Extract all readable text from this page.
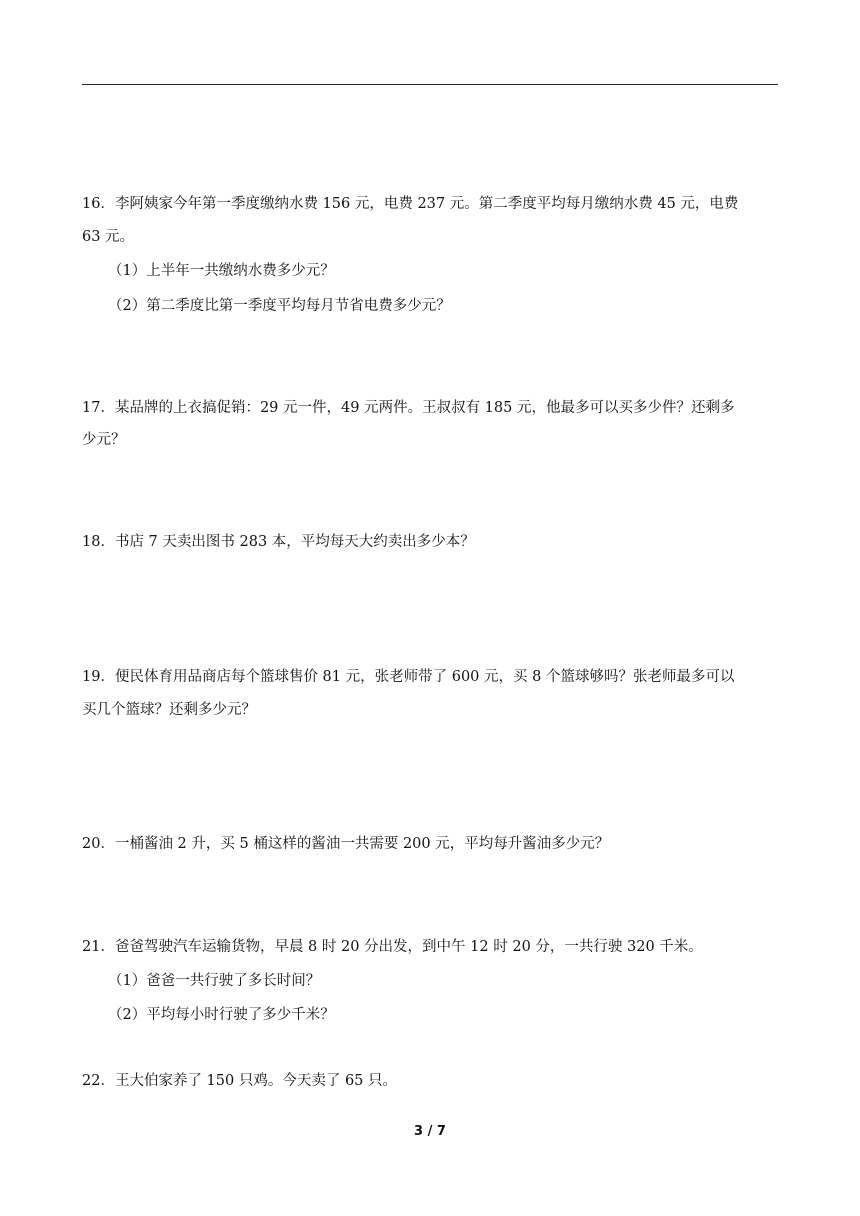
16．李阿姨家今年第一季度缴纳水费 156 元，电费 237 元。第二季度平均每月缴纳水费 45 元，电费
63 元。
（1）上半年一共缴纳水费多少元？
（2）第二季度比第一季度平均每月节省电费多少元？
17．某品牌的上衣搞促销：29 元一件，49 元两件。王叔叔有 185 元，他最多可以买多少件？还剩多
少元？
18．书店 7 天卖出图书 283 本，平均每天大约卖出多少本？
19．便民体育用品商店每个篮球售价 81 元，张老师带了 600 元，买 8 个篮球够吗？张老师最多可以
买几个篮球？还剩多少元？
20．一桶酱油 2 升，买 5 桶这样的酱油一共需要 200 元，平均每升酱油多少元？
21．爸爸驾驶汽车运输货物，早晨 8 时 20 分出发，到中午 12 时 20 分，一共行驶 320 千米。
（1）爸爸一共行驶了多长时间？
（2）平均每小时行驶了多少千米？
22．王大伯家养了 150 只鸡。今天卖了 65 只。
3 / 7
